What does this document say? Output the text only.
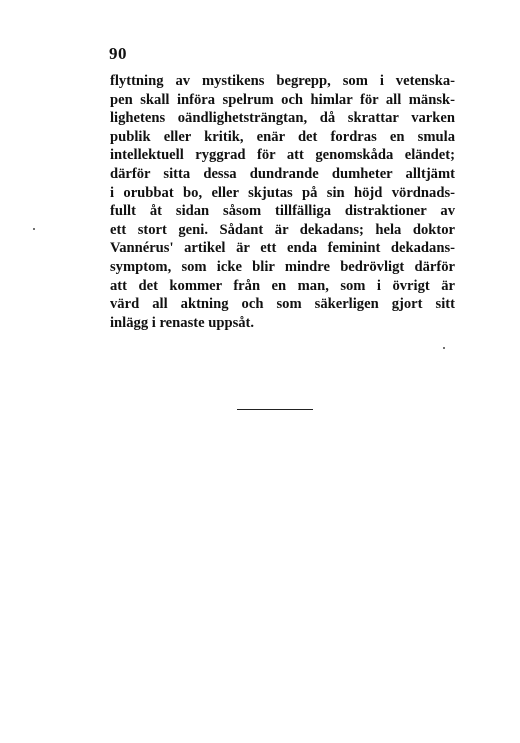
90
flyttning av mystikens begrepp, som i vetenska-
pen skall införa spelrum och himlar för all mänsk-
lighetens oändlighetsträngtan, då skrattar varken
publik eller kritik, enär det fordras en smula
intellektuell ryggrad för att genomskåda eländet;
därför sitta dessa dundrande dumheter alltjämt
i orubbat bo, eller skjutas på sin höjd vördnads-
fullt åt sidan såsom tillfälliga distraktioner av
ett stort geni. Sådant är dekadans; hela doktor
Vannérus' artikel är ett enda feminint dekadans-
symptom, som icke blir mindre bedrövligt därför
att det kommer från en man, som i övrigt är
värd all aktning och som säkerligen gjort sitt
inlägg i renaste uppsåt.
